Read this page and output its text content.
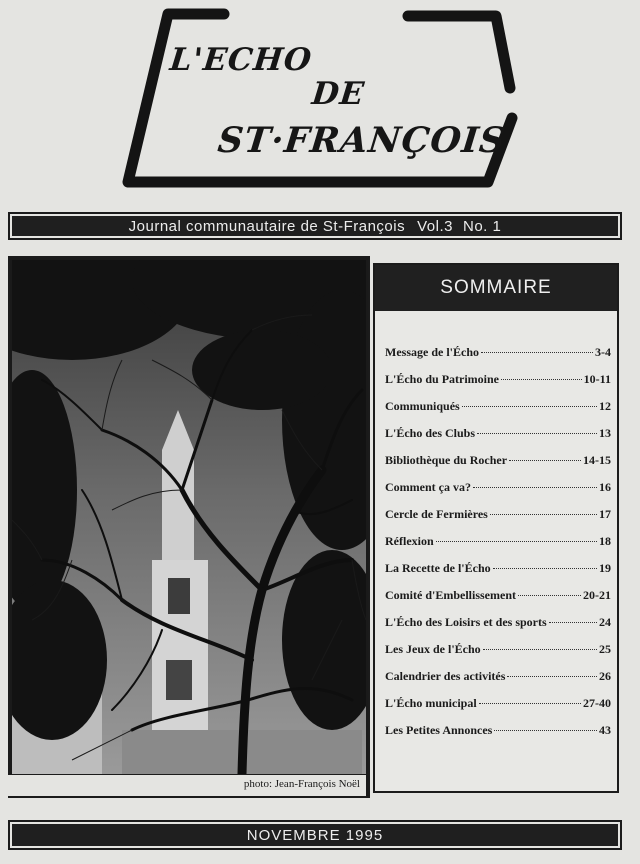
L'ECHO
DE
ST·FRANÇOIS
Journal communautaire de St-François Vol.3 No. 1
photo: Jean-François Noël
SOMMAIRE
Message de l'Écho	3-4
L'Écho du Patrimoine	10-11
Communiqués	12
L'Écho des Clubs	13
Bibliothèque du Rocher	14-15
Comment ça va?	16
Cercle de Fermières	17
Réflexion	18
La Recette de l'Écho	19
Comité d'Embellissement	20-21
L'Écho des Loisirs et des sports	24
Les Jeux de l'Écho	25
Calendrier des activités	26
L'Écho municipal	27-40
Les Petites Annonces	43
NOVEMBRE 1995
